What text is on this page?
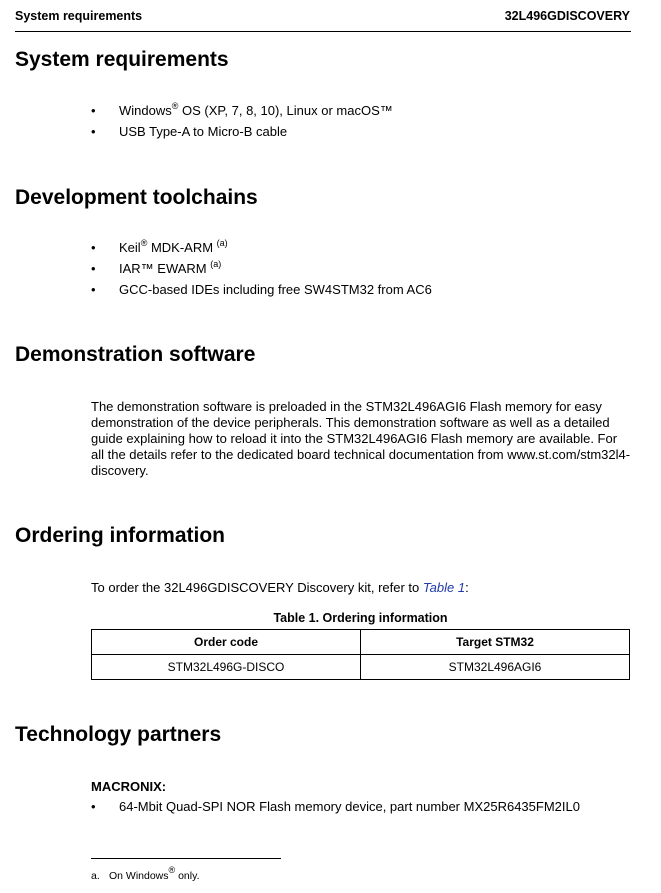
System requirements	32L496GDISCOVERY
System requirements
• Windows® OS (XP, 7, 8, 10), Linux or macOS™
• USB Type-A to Micro-B cable
Development toolchains
• Keil® MDK-ARM $^{(a)}$
• IAR™ EWARM $^{(a)}$
• GCC-based IDEs including free SW4STM32 from AC6
Demonstration software
The demonstration software is preloaded in the STM32L496AGI6 Flash memory for easy demonstration of the device peripherals. This demonstration software as well as a detailed guide explaining how to reload it into the STM32L496AGI6 Flash memory are available. For all the details refer to the dedicated board technical documentation from www.st.com/stm32l4-discovery.
Ordering information
To order the 32L496GDISCOVERY Discovery kit, refer to Table 1:
Table 1. Ordering information
Order code	Target STM32
STM32L496G-DISCO	STM32L496AGI6
Technology partners
MACRONIX:
• 64-Mbit Quad-SPI NOR Flash memory device, part number MX25R6435FM2IL0
a. On Windows® only.
